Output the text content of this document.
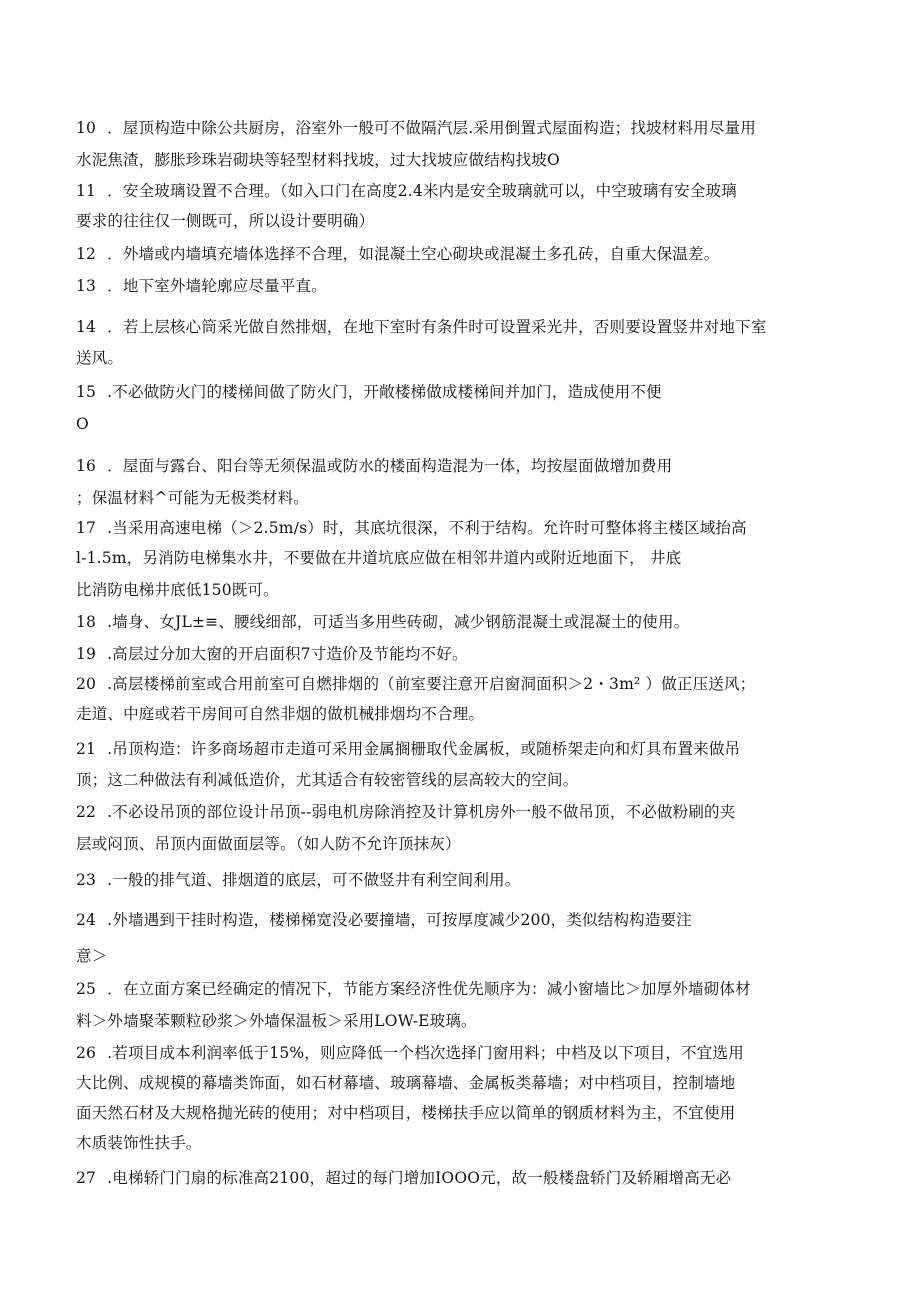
10 ．屋顶构造中除公共厨房，浴室外一般可不做隔汽层.采用倒置式屋面构造；找坡材料用尽量用
水泥焦渣，膨胀珍珠岩砌块等轻型材料找坡，过大找坡应做结构找坡O
11 ．安全玻璃设置不合理。（如入口门在高度2.4米内是安全玻璃就可以，中空玻璃有安全玻璃
要求的往往仅一侧既可，所以设计要明确）
12 ．外墙或内墙填充墙体选择不合理，如混凝土空心砌块或混凝土多孔砖，自重大保温差。
13 ．地下室外墙轮廓应尽量平直。
14 ．若上层核心筒采光做自然排烟，在地下室时有条件时可设置采光井，否则要设置竖井对地下室
送风。
15 .不必做防火门的楼梯间做了防火门，开敞楼梯做成楼梯间并加门，造成使用不便
O
16 ．屋面与露台、阳台等无须保温或防水的楼面构造混为一体，均按屋面做增加费用
；保温材料^可能为无极类材料。
17 .当采用高速电梯（＞2.5m∕s）时，其底坑很深，不利于结构。允许时可整体将主楼区域抬高
l-1.5m，另消防电梯集水井，不要做在井道坑底应做在相邻井道内或附近地面下， 井底
比消防电梯井底低150既可。
18 .墙身、女JL±≡、腰线细部，可适当多用些砖砌，减少钢筋混凝土或混凝土的使用。
19 .高层过分加大窗的开启面积7寸造价及节能均不好。
20 .高层楼梯前室或合用前室可自燃排烟的（前室要注意开启窗洞面积＞2・3m² ）做正压送风；
走道、中庭或若干房间可自然非烟的做机械排烟均不合理。
21 .吊顶构造：许多商场超市走道可采用金属搁栅取代金属板，或随桥架走向和灯具布置来做吊
顶；这二种做法有利减低造价，尤其适合有较密管线的层高较大的空间。
22 .不必设吊顶的部位设计吊顶--弱电机房除消控及计算机房外一般不做吊顶，不必做粉刷的夹
层或闷顶、吊顶内面做面层等。（如人防不允许顶抹灰）
23 .一般的排气道、排烟道的底层，可不做竖井有利空间利用。
24 .外墙遇到干挂时构造，楼梯梯宽没必要撞墙，可按厚度减少200，类似结构构造要注
意＞
25 ．在立面方案已经确定的情况下，节能方案经济性优先顺序为：减小窗墙比＞加厚外墙砌体材
料＞外墙聚苯颗粒砂浆＞外墙保温板＞采用LOW-E玻璃。
26 .若项目成本利润率低于15%，则应降低一个档次选择门窗用料；中档及以下项目，不宜选用
大比例、成规模的幕墙类饰面，如石材幕墙、玻璃幕墙、金属板类幕墙；对中档项目，控制墙地
面天然石材及大规格抛光砖的使用；对中档项目，楼梯扶手应以简单的钢质材料为主，不宜使用
木质装饰性扶手。
27 .电梯轿门门扇的标准高2100，超过的每门增加IOOO元，故一般楼盘轿门及轿厢增高无必
